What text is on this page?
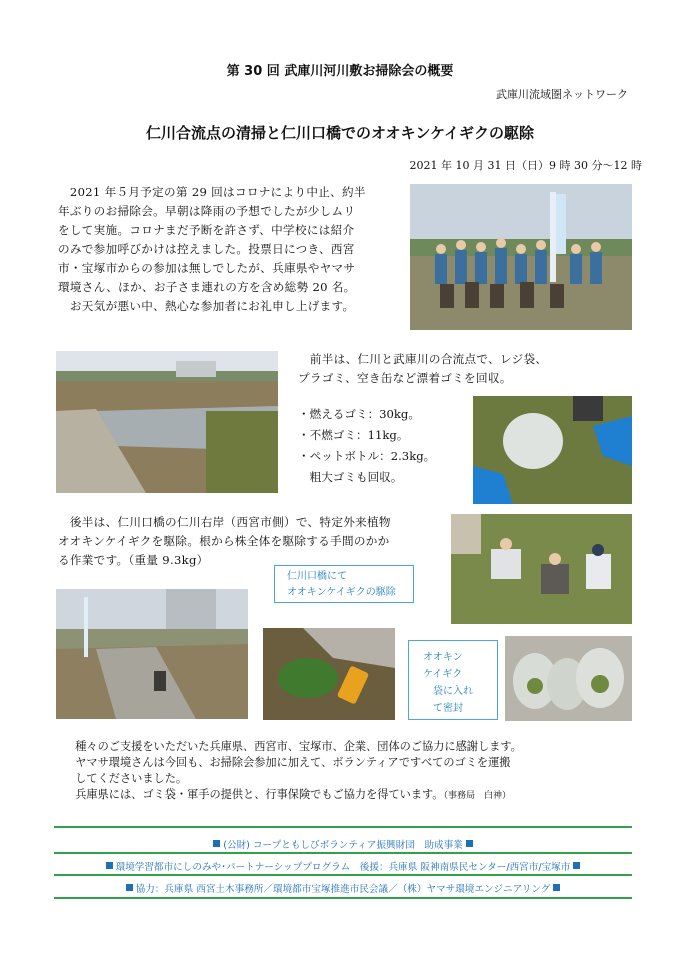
第 30 回 武庫川河川敷お掃除会の概要
武庫川流域圏ネットワーク
仁川合流点の清掃と仁川口橋でのオオキンケイギクの駆除
2021 年 10 月 31 日（日）9 時 30 分〜12 時
　2021 年５月予定の第 29 回はコロナにより中止、約半
年ぶりのお掃除会。早朝は降雨の予想でしたが少しムリ
をして実施。コロナまだ予断を許さず、中学校には紹介
のみで参加呼びかけは控えました。投票日につき、西宮
市・宝塚市からの参加は無しでしたが、兵庫県やヤマサ
環境さん、ほか、お子さま連れの方を含め総勢 20 名。
　お天気が悪い中、熱心な参加者にお礼申し上げます。
　前半は、仁川と武庫川の合流点で、レジ袋、
プラゴミ、空き缶など漂着ゴミを回収。
・燃えるゴミ：30kg。
・不燃ゴミ：11kg。
・ペットボトル：2.3kg。
　粗大ゴミも回収。
　後半は、仁川口橋の仁川右岸（西宮市側）で、特定外来植物
オオキンケイギクを駆除。根から株全体を駆除する手間のかか
る作業です。（重量 9.3kg）
仁川口橋にて
オオキンケイギクの駆除
オオキン
ケイギク
　袋に入れ
　て密封

　種々のご支援をいただいた兵庫県、西宮市、宝塚市、企業、団体のご協力に感謝します。

　ヤマサ環境さんは今回も、お掃除会参加に加えて、ボランティアですべてのゴミを運搬
　してくださいました。

　兵庫県には、ゴミ袋・軍手の提供と、行事保険でもご協力を得ています。（事務局　白神）

(公財) コープともしびボランティア振興財団　助成事業
環境学習都市にしのみや･パートナーシッププログラム　後援：兵庫県 阪神南県民センター/西宮市/宝塚市
協力：兵庫県 西宮土木事務所／環境都市宝塚推進市民会議／（株）ヤマサ環境エンジニアリング
